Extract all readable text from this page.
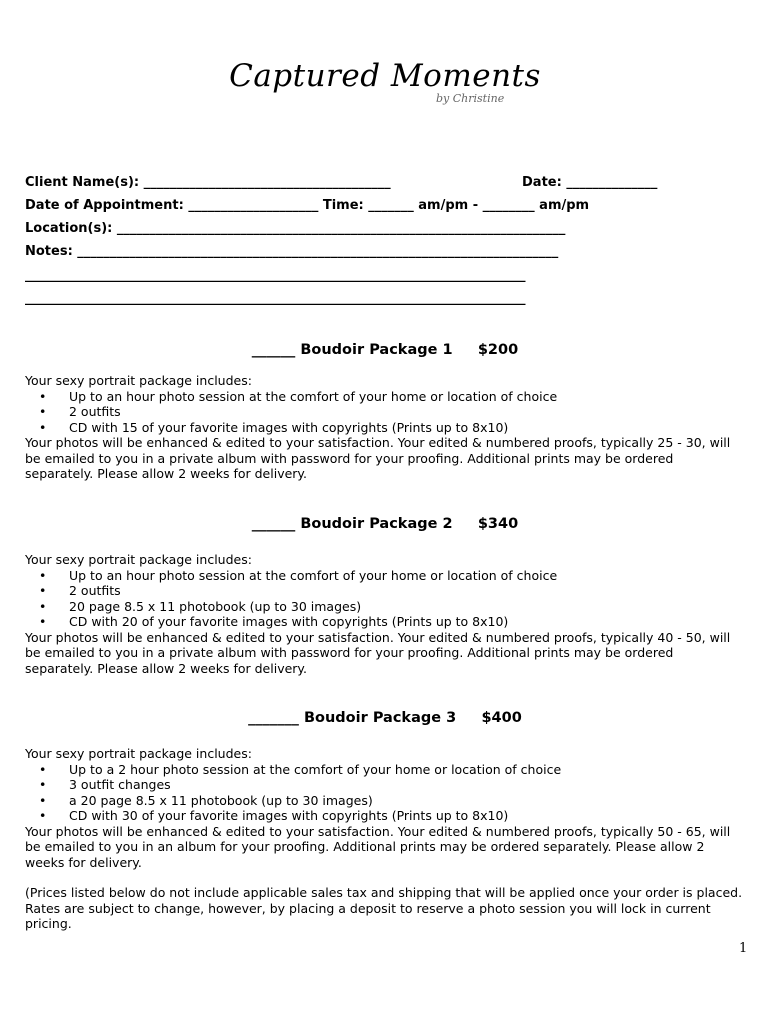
Captured Moments
by Christine
Client Name(s): ______________________________________	Date: ______________
Date of Appointment: ____________________ Time: _______ am/pm - ________ am/pm
Location(s): _____________________________________________________________________
Notes: __________________________________________________________________________
_____________________________________________________________________________
_____________________________________________________________________________
______ Boudoir Package 1     $200

Your sexy portrait package includes:

• Up to an hour photo session at the comfort of your home or location of choice
• 2 outfits
• CD with 15 of your favorite images with copyrights (Prints up to 8x10)

Your photos will be enhanced & edited to your satisfaction. Your edited & numbered proofs, typically 25 - 30, will be emailed to you in a private album with password for your proofing. Additional prints may be ordered separately. Please allow 2 weeks for delivery.

______ Boudoir Package 2     $340

Your sexy portrait package includes:

• Up to an hour photo session at the comfort of your home or location of choice
• 2 outfits
• 20 page 8.5 x 11 photobook (up to 30 images)
• CD with 20 of your favorite images with copyrights (Prints up to 8x10)

Your photos will be enhanced & edited to your satisfaction. Your edited & numbered proofs, typically 40 - 50, will be emailed to you in a private album with password for your proofing. Additional prints may be ordered separately. Please allow 2 weeks for delivery.

_______ Boudoir Package 3     $400

Your sexy portrait package includes:

• Up to a 2 hour photo session at the comfort of your home or location of choice
• 3 outfit changes
• a 20 page 8.5 x 11 photobook (up to 30 images)
• CD with 30 of your favorite images with copyrights (Prints up to 8x10)

Your photos will be enhanced & edited to your satisfaction. Your edited & numbered proofs, typically 50 - 65, will be emailed to you in an album for your proofing. Additional prints may be ordered separately. Please allow 2 weeks for delivery.

(Prices listed below do not include applicable sales tax and shipping that will be applied once your order is placed. Rates are subject to change, however, by placing a deposit to reserve a photo session you will lock in current pricing.
1
